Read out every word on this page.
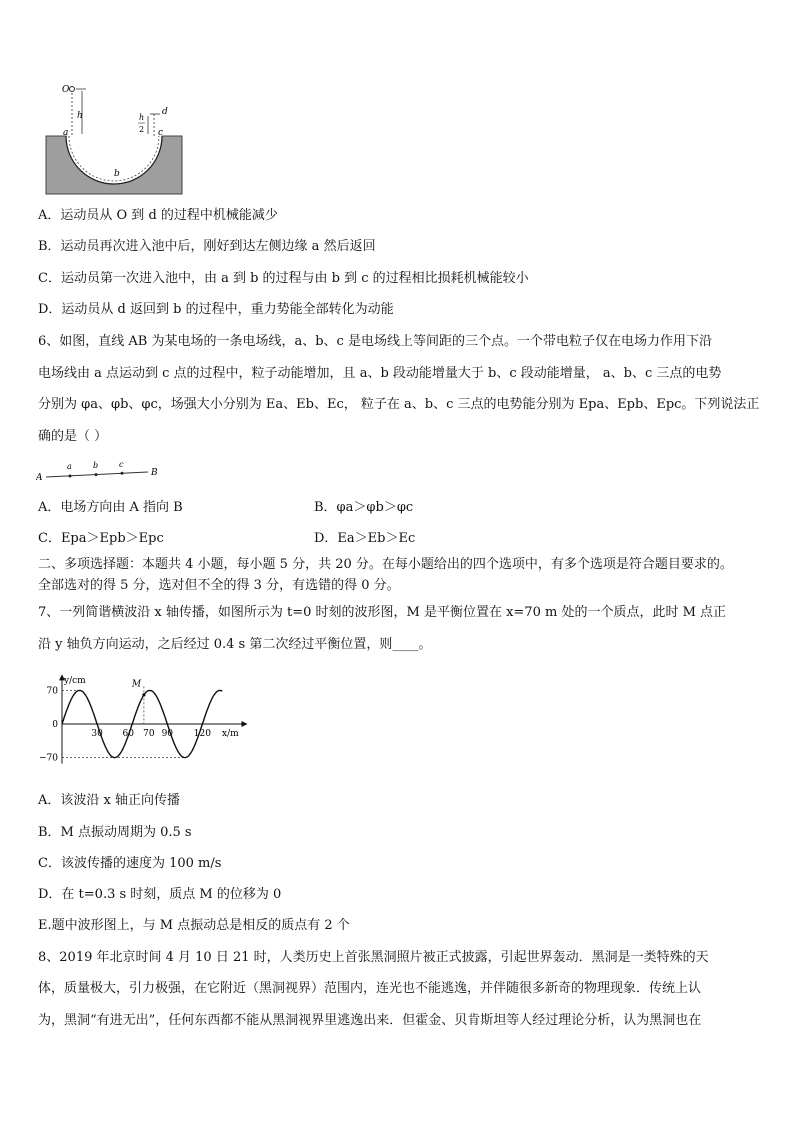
O
h	h
2
d
a
b
c
A．运动员从 O 到 d 的过程中机械能减少
B．运动员再次进入池中后，刚好到达左侧边缘 a 然后返回
C．运动员第一次进入池中，由 a 到 b 的过程与由 b 到 c 的过程相比损耗机械能较小
D．运动员从 d 返回到 b 的过程中，重力势能全部转化为动能
6、如图，直线 AB 为某电场的一条电场线，a、b、c 是电场线上等间距的三个点。一个带电粒子仅在电场力作用下沿
电场线由 a 点运动到 c 点的过程中，粒子动能增加，且 a、b 段动能增量大于 b、c 段动能增量， a、b、c 三点的电势
分别为 φa、φb、φc，场强大小分别为 Ea、Eb、Ec， 粒子在 a、b、c 三点的电势能分别为 Epa、Epb、Epc。下列说法正
确的是（ ）
A
a	b	c
B
A．电场方向由 A 指向 B	B．φa＞φb＞φc
C．Epa＞Epb＞Epc	D．Ea＞Eb＞Ec
二、多项选择题：本题共 4 小题，每小题 5 分，共 20 分。在每小题给出的四个选项中，有多个选项是符合题目要求的。
全部选对的得 5 分，选对但不全的得 3 分，有选错的得 0 分。
7、一列简谐横波沿 x 轴传播，如图所示为 t=0 时刻的波形图，M 是平衡位置在 x=70 m 处的一个质点，此时 M 点正
沿 y 轴负方向运动，之后经过 0.4 s 第二次经过平衡位置，则____。
70
0
−70
30 60 70 90 120
y/cm
x/m
M
A．该波沿 x 轴正向传播
B．M 点振动周期为 0.5 s
C．该波传播的速度为 100 m/s
D．在 t=0.3 s 时刻，质点 M 的位移为 0
E.题中波形图上，与 M 点振动总是相反的质点有 2 个
8、2019 年北京时间 4 月 10 日 21 时，人类历史上首张黑洞照片被正式披露，引起世界轰动．黑洞是一类特殊的天
体，质量极大，引力极强，在它附近（黑洞视界）范围内，连光也不能逃逸，并伴随很多新奇的物理现象．传统上认
为，黑洞“有进无出”，任何东西都不能从黑洞视界里逃逸出来．但霍金、贝肯斯坦等人经过理论分析，认为黑洞也在
